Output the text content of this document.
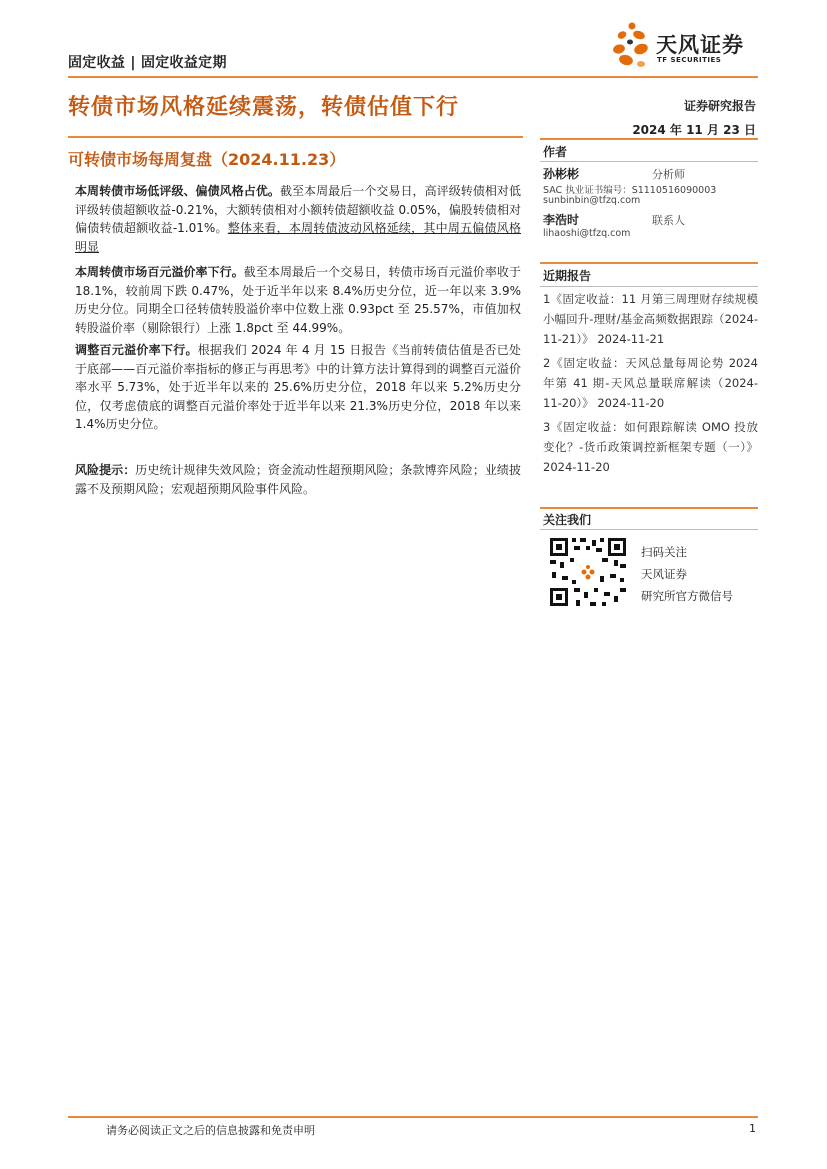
固定收益 | 固定收益定期
天风证券
TF SECURITIES
转债市场风格延续震荡，转债估值下行	证券研究报告
2024 年 11 月 23 日
可转债市场每周复盘（2024.11.23）
本周转债市场低评级、偏债风格占优。截至本周最后一个交易日，高评级转债相对低评级转债超额收益-0.21%，大额转债相对小额转债超额收益 0.05%，偏股转债相对偏债转债超额收益-1.01%。整体来看，本周转债波动风格延续，其中周五偏债风格明显
本周转债市场百元溢价率下行。截至本周最后一个交易日，转债市场百元溢价率收于 18.1%，较前周下跌 0.47%，处于近半年以来 8.4%历史分位，近一年以来 3.9%历史分位。同期全口径转债转股溢价率中位数上涨 0.93pct 至 25.57%，市值加权转股溢价率（剔除银行）上涨 1.8pct 至 44.99%。
调整百元溢价率下行。根据我们 2024 年 4 月 15 日报告《当前转债估值是否已处于底部——百元溢价率指标的修正与再思考》中的计算方法计算得到的调整百元溢价率水平 5.73%，处于近半年以来的 25.6%历史分位，2018 年以来 5.2%历史分位，仅考虑债底的调整百元溢价率处于近半年以来 21.3%历史分位，2018 年以来 1.4%历史分位。
风险提示：历史统计规律失效风险；资金流动性超预期风险；条款博弈风险；业绩披露不及预期风险；宏观超预期风险事件风险。
作者
孙彬彬	分析师
SAC 执业证书编号：S1110516090003
sunbinbin@tfzq.com
李浩时	联系人
lihaoshi@tfzq.com
近期报告
1《固定收益：11 月第三周理财存续规模小幅回升-理财/基金高频数据跟踪（2024-11-21）》 2024-11-21
2《固定收益：天风总量每周论势 2024 年第 41 期-天风总量联席解读（2024-11-20）》 2024-11-20
3《固定收益：如何跟踪解读 OMO 投放变化？-货币政策调控新框架专题（一）》 2024-11-20
关注我们
扫码关注
天风证券
研究所官方微信号
请务必阅读正文之后的信息披露和免责申明	1
